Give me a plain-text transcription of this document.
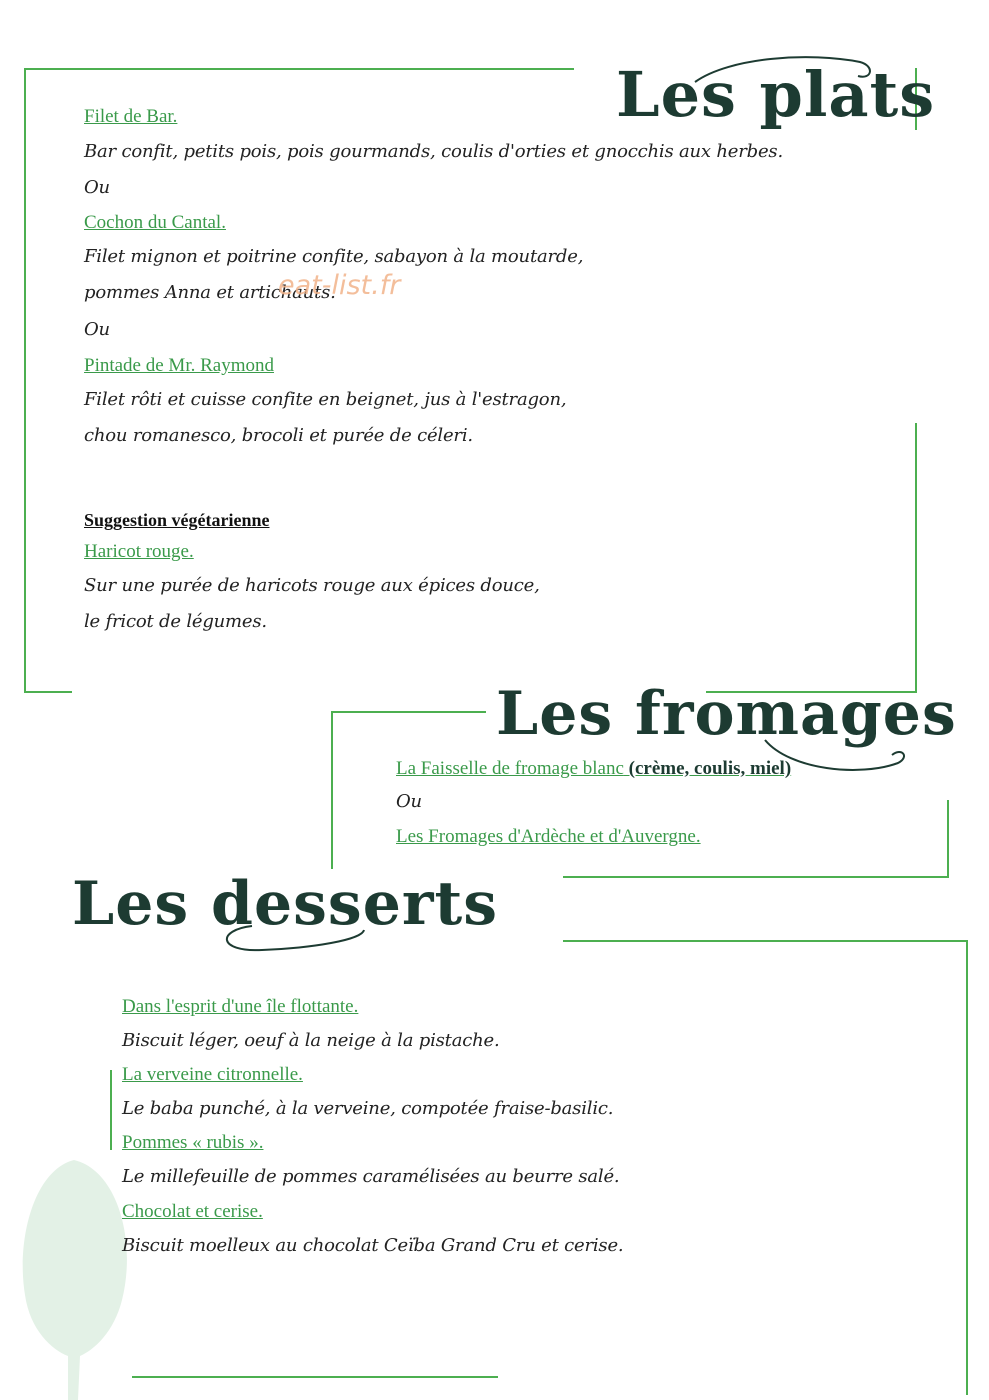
Les plats
Filet de Bar.
Bar confit, petits pois, pois gourmands, coulis d'orties et gnocchis aux herbes.
Ou
Cochon du Cantal.
Filet mignon et poitrine confite, sabayon à la moutarde,
pommes Anna et artichauts.
Ou
Pintade de Mr. Raymond
Filet rôti et cuisse confite en beignet, jus à l'estragon,
chou romanesco, brocoli et purée de céleri.
Suggestion végétarienne
Haricot rouge.
Sur une purée de haricots rouge aux épices douce,
le fricot de légumes.
eat-list.fr
Les fromages
La Faisselle de fromage blanc (crème, coulis, miel)
Ou
Les Fromages d'Ardèche et d'Auvergne.
Les desserts
Dans l'esprit d'une île flottante.
Biscuit léger, oeuf à la neige à la pistache.
La verveine citronnelle.
Le baba punché, à la verveine, compotée fraise-basilic.
Pommes « rubis ».
Le millefeuille de pommes caramélisées au beurre salé.
Chocolat et cerise.
Biscuit moelleux au chocolat Ceïba Grand Cru et cerise.
